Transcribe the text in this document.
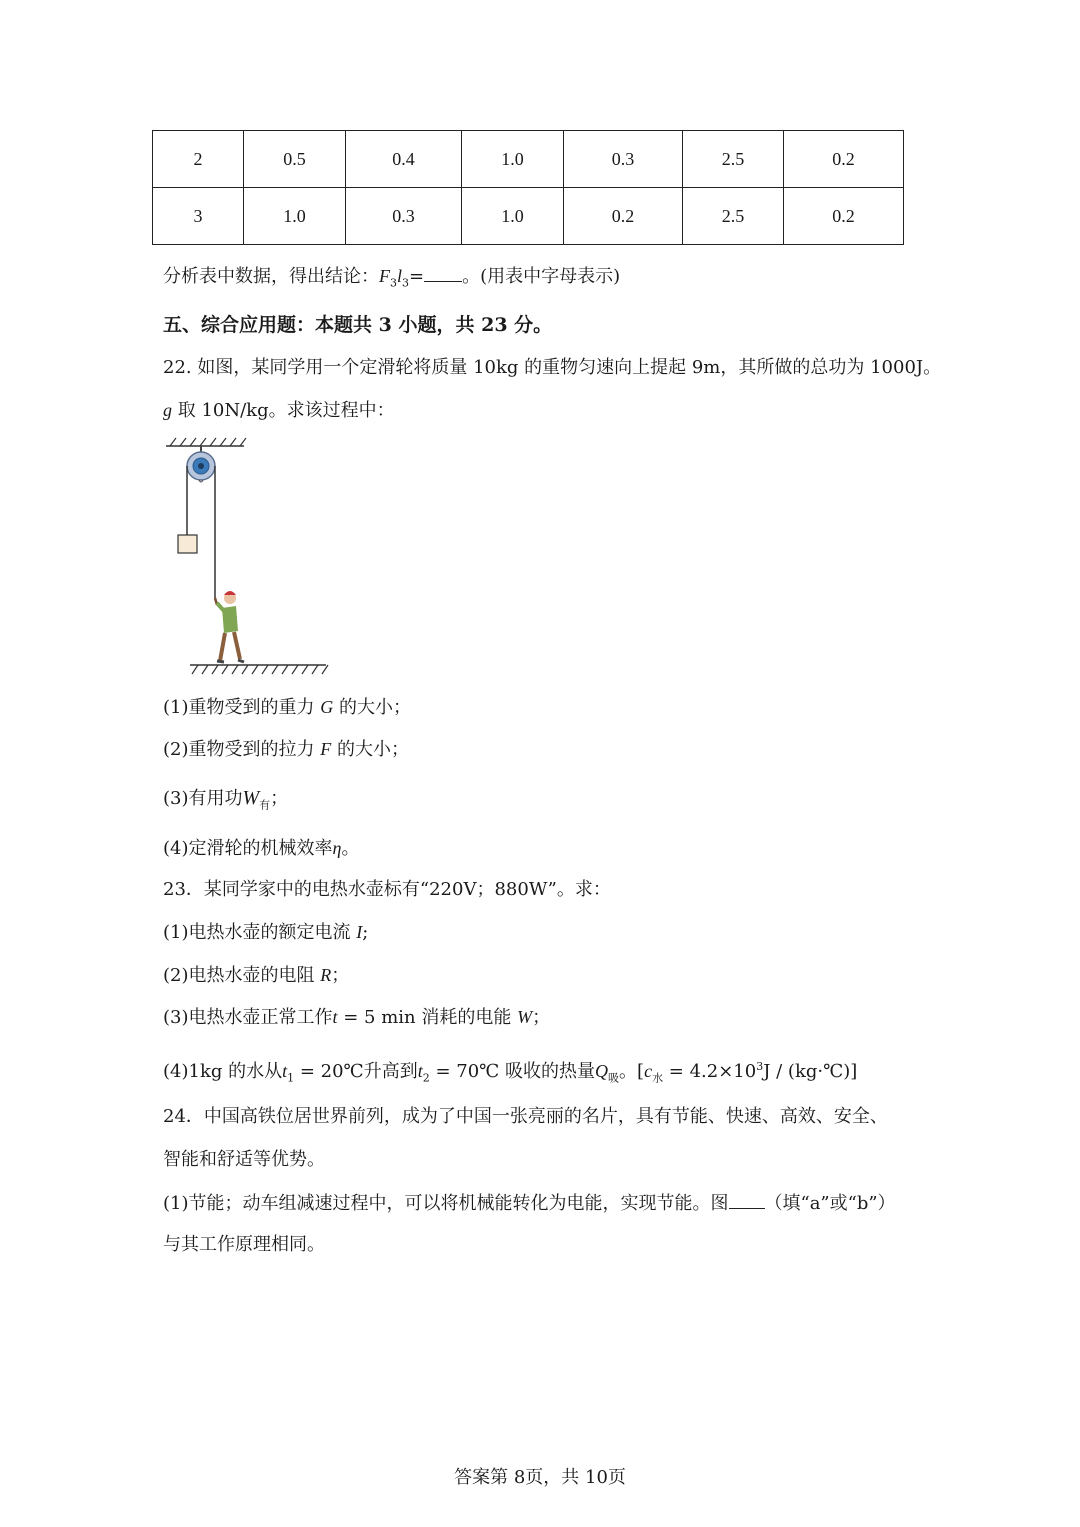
2	0.5	0.4	1.0	0.3	2.5	0.2
3	1.0	0.3	1.0	0.2	2.5	0.2
分析表中数据，得出结论：$F_3l_3=$ 。(用表中字母表示)
五、综合应用题：本题共 3 小题，共 23 分。
22. 如图，某同学用一个定滑轮将质量 10kg 的重物匀速向上提起 9m，其所做的总功为 1000J。
g 取 10N/kg。求该过程中：
(1)重物受到的重力 G 的大小；
(2)重物受到的拉力 F 的大小；
(3)有用功$W_有$；
(4)定滑轮的机械效率η。
23．某同学家中的电热水壶标有“220V；880W”。求：
(1)电热水壶的额定电流 I;
(2)电热水壶的电阻 R；
(3)电热水壶正常工作t = 5 min 消耗的电能 W；
(4)1kg 的水从$t_1$ = 20℃升高到$t_2$ = 70℃ 吸收的热量$Q_吸$。[$c_水 = 4.2\times 10^3J$ / (kg·℃)]
24．中国高铁位居世界前列，成为了中国一张亮丽的名片，具有节能、快速、高效、安全、
智能和舒适等优势。
(1)节能；动车组减速过程中，可以将机械能转化为电能，实现节能。图 （填“a”或“b”）
与其工作原理相同。
答案第 8页，共 10页
